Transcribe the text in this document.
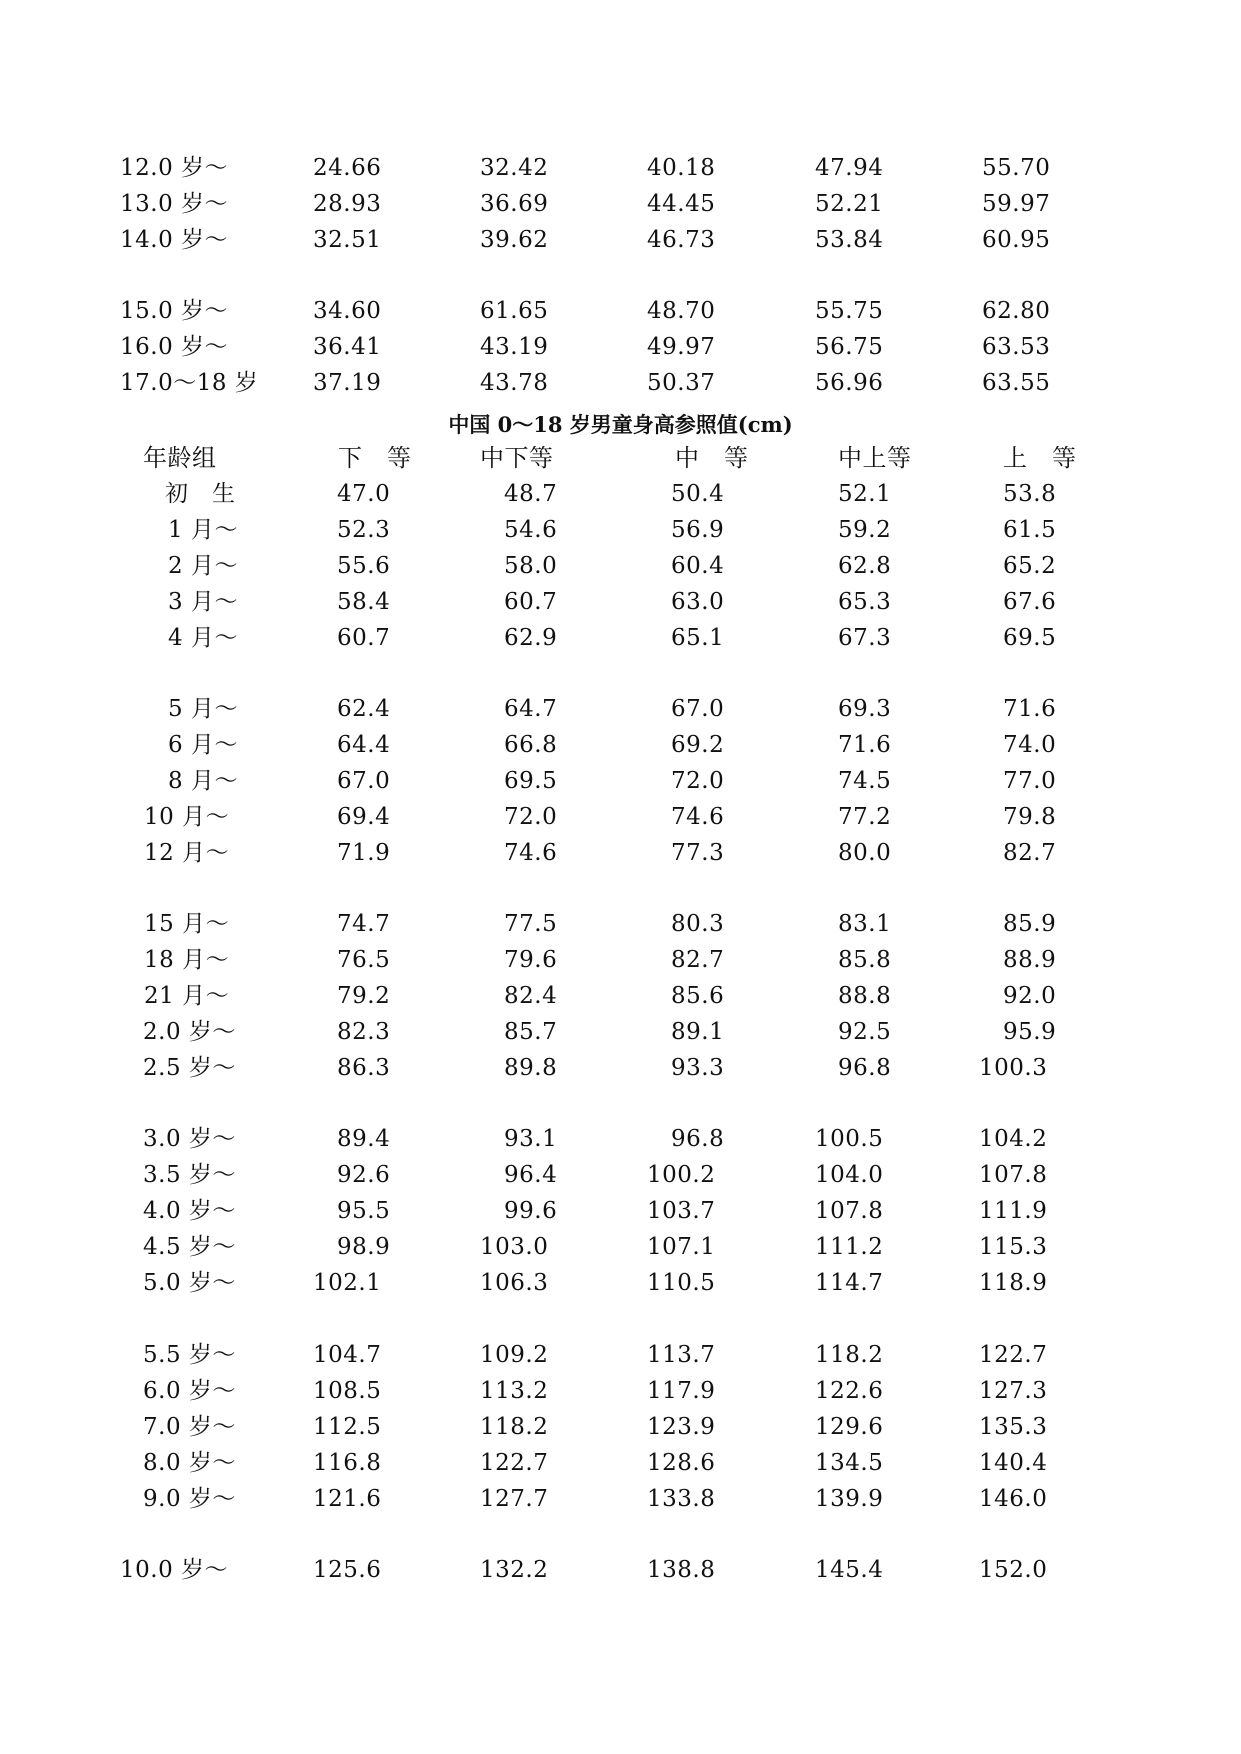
12.0 岁～	24.66	32.42	40.18	47.94	55.70
13.0 岁～	28.93	36.69	44.45	52.21	59.97
14.0 岁～	32.51	39.62	46.73	53.84	60.95
15.0 岁～	34.60	61.65	48.70	55.75	62.80
16.0 岁～	36.41	43.19	49.97	56.75	63.53
17.0～18 岁 37.19	43.78	50.37	56.96	63.55
中国 0～18 岁男童身高参照值(cm)
年龄组	下　等	中下等	中　等	中上等	上　等
初　生	47.0	48.7	50.4	52.1	53.8
1 月～	52.3	54.6	56.9	59.2	61.5
2 月～	55.6	58.0	60.4	62.8	65.2
3 月～	58.4	60.7	63.0	65.3	67.6
4 月～	60.7	62.9	65.1	67.3	69.5
5 月～	62.4	64.7	67.0	69.3	71.6
6 月～	64.4	66.8	69.2	71.6	74.0
8 月～	67.0	69.5	72.0	74.5	77.0
10 月～	69.4	72.0	74.6	77.2	79.8
12 月～	71.9	74.6	77.3	80.0	82.7
15 月～	74.7	77.5	80.3	83.1	85.9
18 月～	76.5	79.6	82.7	85.8	88.9
21 月～	79.2	82.4	85.6	88.8	92.0
2.0 岁～	82.3	85.7	89.1	92.5	95.9
2.5 岁～	86.3	89.8	93.3	96.8	100.3
3.0 岁～	89.4	93.1	96.8	100.5	104.2
3.5 岁～	92.6	96.4	100.2	104.0	107.8
4.0 岁～	95.5	99.6	103.7	107.8	111.9
4.5 岁～	98.9	103.0	107.1	111.2	115.3
5.0 岁～	102.1	106.3	110.5	114.7	118.9
5.5 岁～	104.7	109.2	113.7	118.2	122.7
6.0 岁～	108.5	113.2	117.9	122.6	127.3
7.0 岁～	112.5	118.2	123.9	129.6	135.3
8.0 岁～	116.8	122.7	128.6	134.5	140.4
9.0 岁～	121.6	127.7	133.8	139.9	146.0
10.0 岁～	125.6	132.2	138.8	145.4	152.0
